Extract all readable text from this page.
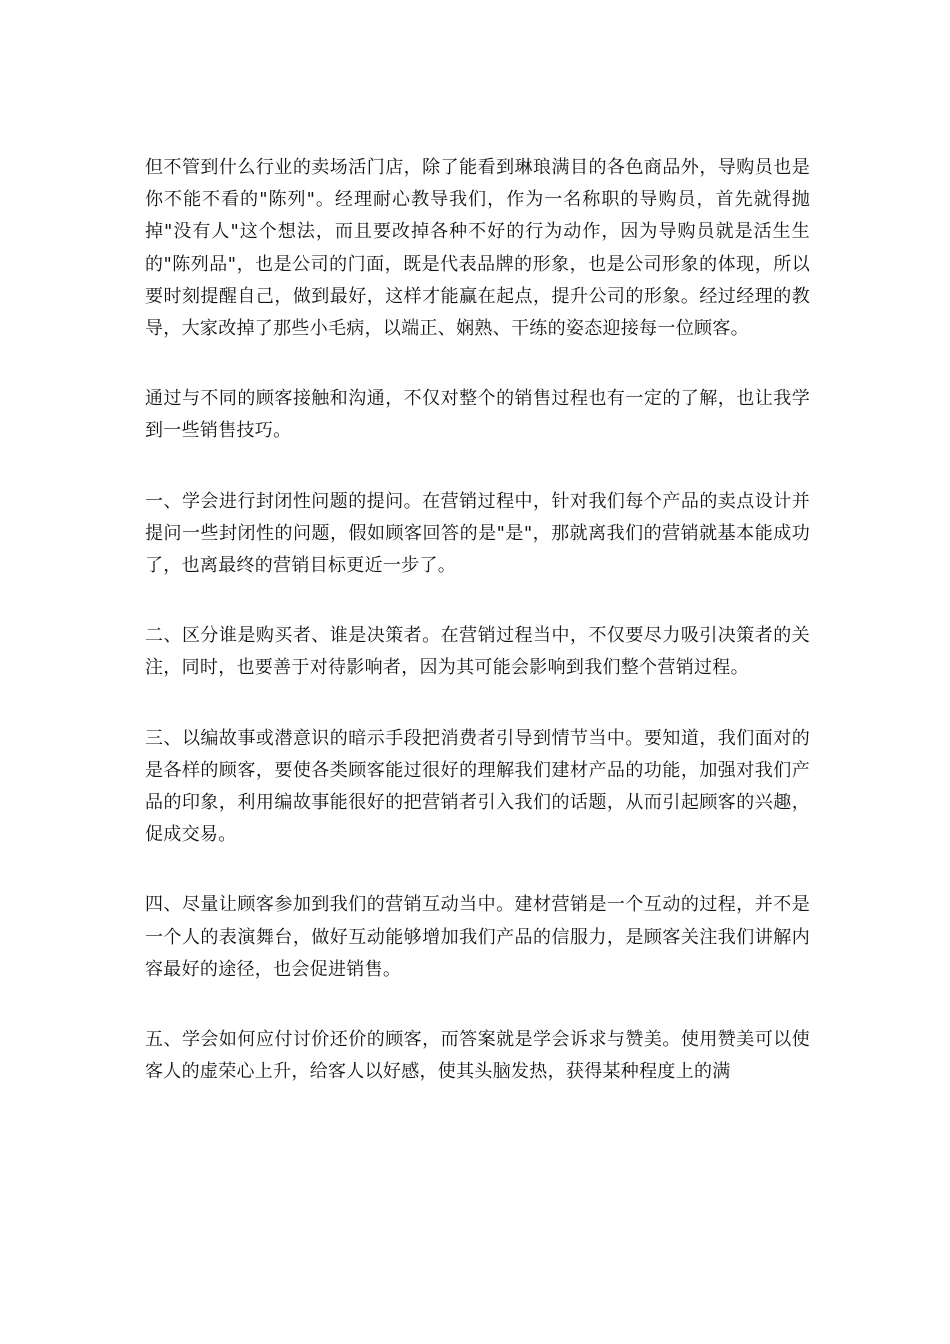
但不管到什么行业的卖场活门店，除了能看到琳琅满目的各色商品外，导购员也是你不能不看的"陈列"。经理耐心教导我们，作为一名称职的导购员，首先就得抛掉"没有人"这个想法，而且要改掉各种不好的行为动作，因为导购员就是活生生的"陈列品"，也是公司的门面，既是代表品牌的形象，也是公司形象的体现，所以要时刻提醒自己，做到最好，这样才能赢在起点，提升公司的形象。经过经理的教导，大家改掉了那些小毛病，以端正、娴熟、干练的姿态迎接每一位顾客。

通过与不同的顾客接触和沟通，不仅对整个的销售过程也有一定的了解，也让我学到一些销售技巧。

一、学会进行封闭性问题的提问。在营销过程中，针对我们每个产品的卖点设计并提问一些封闭性的问题，假如顾客回答的是"是"，那就离我们的营销就基本能成功了，也离最终的营销目标更近一步了。

二、区分谁是购买者、谁是决策者。在营销过程当中，不仅要尽力吸引决策者的关注，同时，也要善于对待影响者，因为其可能会影响到我们整个营销过程。

三、以编故事或潜意识的暗示手段把消费者引导到情节当中。要知道，我们面对的是各样的顾客，要使各类顾客能过很好的理解我们建材产品的功能，加强对我们产品的印象，利用编故事能很好的把营销者引入我们的话题，从而引起顾客的兴趣，促成交易。

四、尽量让顾客参加到我们的营销互动当中。建材营销是一个互动的过程，并不是一个人的表演舞台，做好互动能够增加我们产品的信服力，是顾客关注我们讲解内容最好的途径，也会促进销售。

五、学会如何应付讨价还价的顾客，而答案就是学会诉求与赞美。使用赞美可以使客人的虚荣心上升，给客人以好感，使其头脑发热，获得某种程度上的满
